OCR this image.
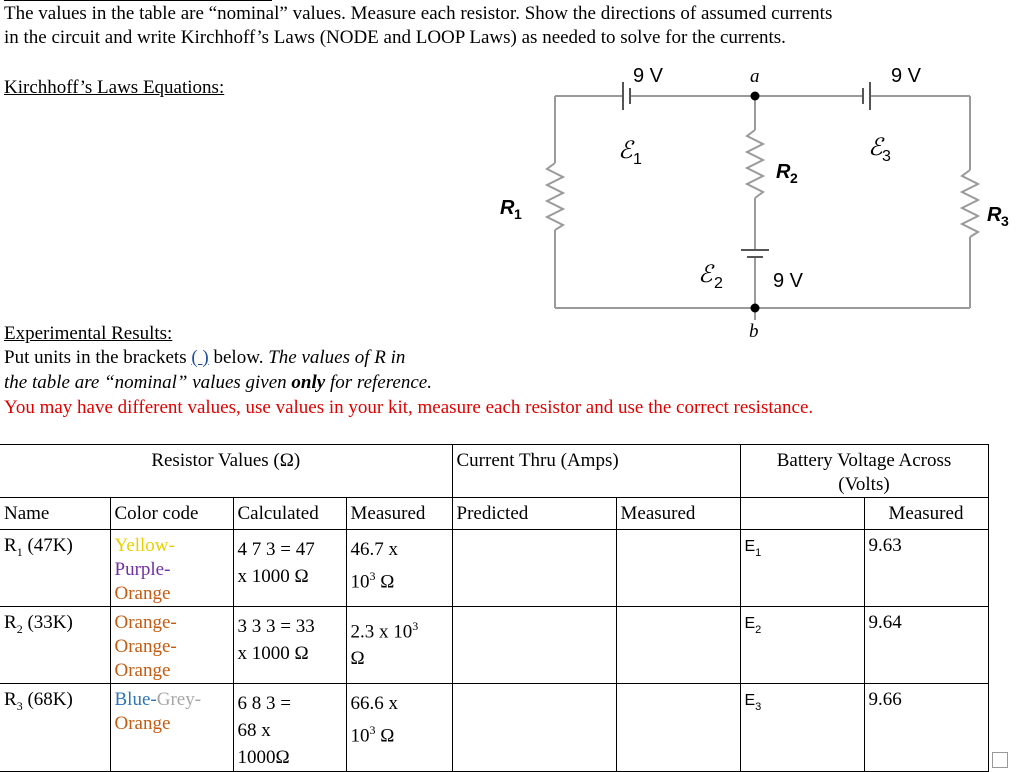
The values in the table are “nominal” values. Measure each resistor. Show the directions of assumed currents
in the circuit and write Kirchhoff’s Laws (NODE and LOOP Laws) as needed to solve for the currents.
Kirchhoff’s Laws Equations:
9 V	9 V
9 V
a
b
ℰ 1	ℰ 3
ℰ 2
R 1
R 2
R 3
Experimental Results:
Put units in the brackets ( ) below. The values of R in
the table are “nominal” values given only for reference.
You may have different values, use values in your kit, measure each resistor and use the correct resistance.
Resistor Values (Ω)				Current Thru (Amps)		Battery Voltage Across
(Volts)	
Name	Color code	Calculated	Measured	Predicted	Measured		Measured
$R_1$ (47K)	Yellow-
Purple-
Orange	4 7 3 = 47
x 1000 Ω	46.7 x
$10^3$ Ω			$E_1$	9.63
$R_2$ (33K)	Orange-
Orange-
Orange	3 3 3 = 33
x 1000 Ω	2.3 x $10^3$
Ω			$E_2$	9.64
$R_3$ (68K)	Blue-Grey-
Orange	6 8 3 =
68 x
1000Ω	66.6 x
$10^3$ Ω			$E_3$	9.66
